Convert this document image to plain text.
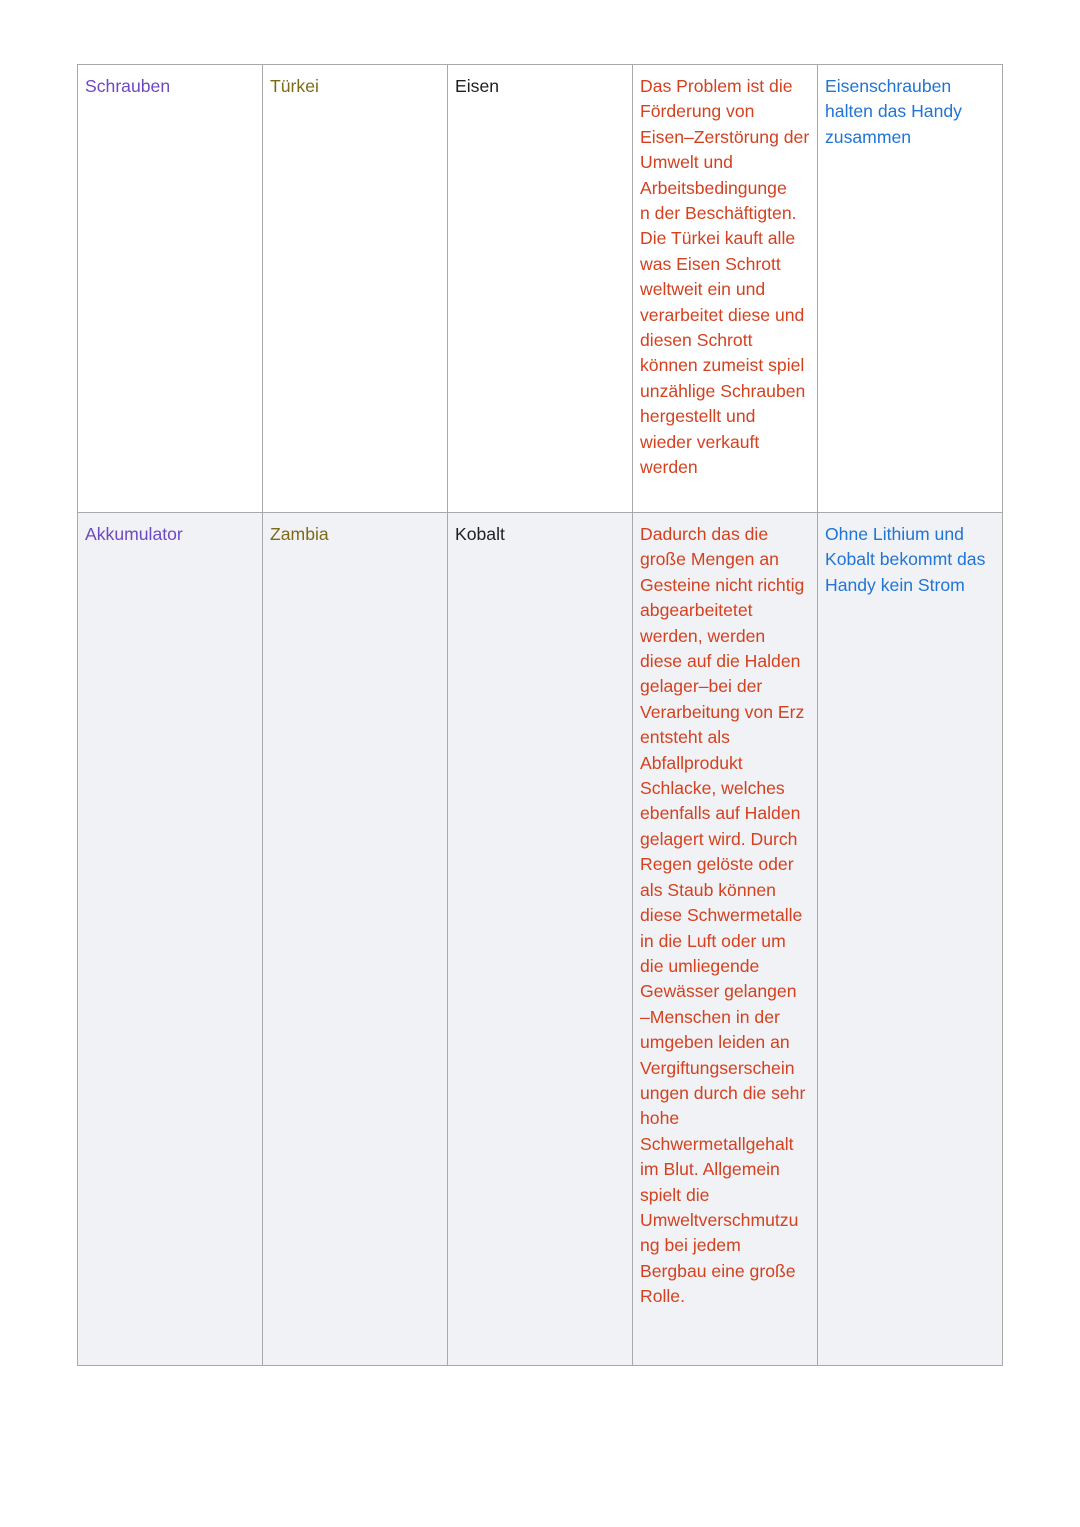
Schrauben	Türkei	Eisen	Das Problem ist die Förderung von Eisen–Zerstörung der Umwelt und Arbeitsbedingunge
n der Beschäftigten. Die Türkei kauft alle was Eisen Schrott weltweit ein und verarbeitet diese und diesen Schrott können zumeist spiel unzählige Schrauben hergestellt und wieder verkauft werden	Eisenschrauben halten das Handy zusammen
Akkumulator	Zambia	Kobalt	Dadurch das die große Mengen an Gesteine nicht richtig abgearbeitetet werden, werden diese auf die Halden gelager–bei der Verarbeitung von Erz entsteht als Abfallprodukt Schlacke, welches ebenfalls auf Halden gelagert wird. Durch Regen gelöste oder als Staub können diese Schwermetalle in die Luft oder um die umliegende Gewässer gelangen –Menschen in der umgeben leiden an Vergiftungserschein
ungen durch die sehr hohe Schwermetallgehalt im Blut. Allgemein spielt die Umweltverschmutzu
ng bei jedem Bergbau eine große Rolle.	Ohne Lithium und Kobalt bekommt das Handy kein Strom
